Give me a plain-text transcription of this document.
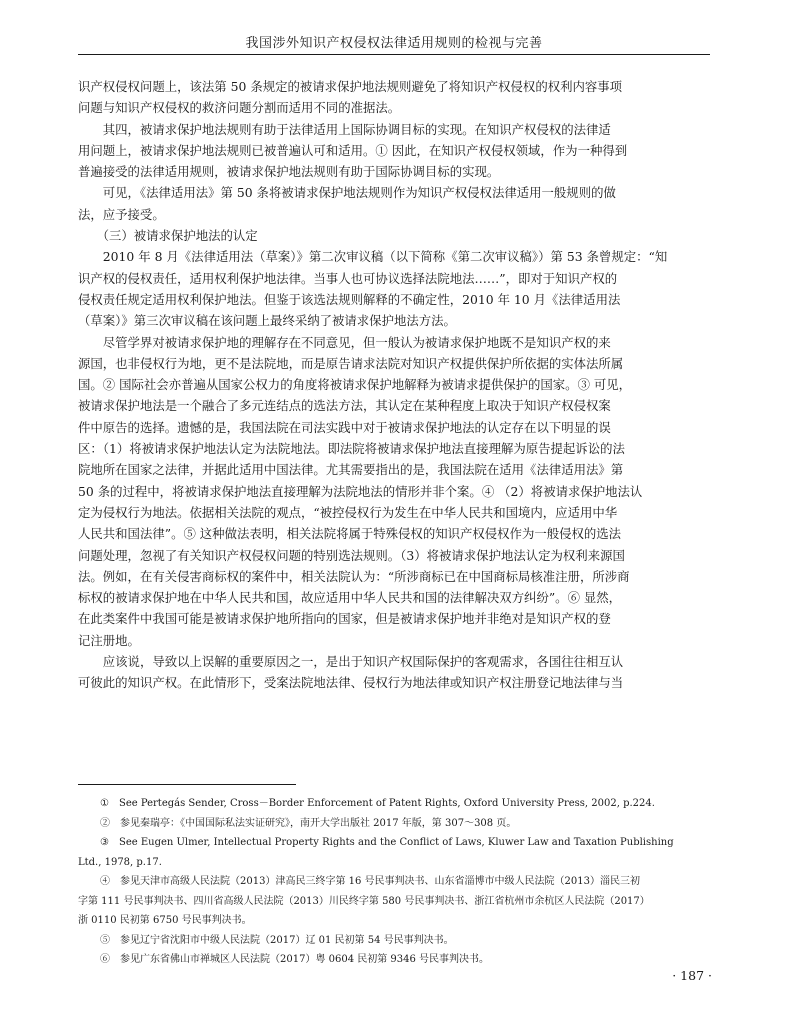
我国涉外知识产权侵权法律适用规则的检视与完善
识产权侵权问题上，该法第 50 条规定的被请求保护地法规则避免了将知识产权侵权的权利内容事项
问题与知识产权侵权的救济问题分割而适用不同的准据法。
　　其四，被请求保护地法规则有助于法律适用上国际协调目标的实现。在知识产权侵权的法律适
用问题上，被请求保护地法规则已被普遍认可和适用。① 因此，在知识产权侵权领域，作为一种得到
普遍接受的法律适用规则，被请求保护地法规则有助于国际协调目标的实现。
　　可见，《法律适用法》第 50 条将被请求保护地法规则作为知识产权侵权法律适用一般规则的做
法，应予接受。
　　（三）被请求保护地法的认定
　　2010 年 8 月《法律适用法（草案）》第二次审议稿（以下简称《第二次审议稿》）第 53 条曾规定：“知
识产权的侵权责任，适用权利保护地法律。当事人也可协议选择法院地法……”，即对于知识产权的
侵权责任规定适用权利保护地法。但鉴于该选法规则解释的不确定性，2010 年 10 月《法律适用法
（草案）》第三次审议稿在该问题上最终采纳了被请求保护地法方法。
　　尽管学界对被请求保护地的理解存在不同意见，但一般认为被请求保护地既不是知识产权的来
源国，也非侵权行为地，更不是法院地，而是原告请求法院对知识产权提供保护所依据的实体法所属
国。② 国际社会亦普遍从国家公权力的角度将被请求保护地解释为被请求提供保护的国家。③ 可见，
被请求保护地法是一个融合了多元连结点的选法方法，其认定在某种程度上取决于知识产权侵权案
件中原告的选择。遗憾的是，我国法院在司法实践中对于被请求保护地法的认定存在以下明显的误
区：（1）将被请求保护地法认定为法院地法。即法院将被请求保护地法直接理解为原告提起诉讼的法
院地所在国家之法律，并据此适用中国法律。尤其需要指出的是，我国法院在适用《法律适用法》第
50 条的过程中，将被请求保护地法直接理解为法院地法的情形并非个案。④ （2）将被请求保护地法认
定为侵权行为地法。依据相关法院的观点，“被控侵权行为发生在中华人民共和国境内，应适用中华
人民共和国法律”。⑤ 这种做法表明，相关法院将属于特殊侵权的知识产权侵权作为一般侵权的选法
问题处理，忽视了有关知识产权侵权问题的特别选法规则。（3）将被请求保护地法认定为权利来源国
法。例如，在有关侵害商标权的案件中，相关法院认为：“所涉商标已在中国商标局核准注册，所涉商
标权的被请求保护地在中华人民共和国，故应适用中华人民共和国的法律解决双方纠纷”。⑥ 显然，
在此类案件中我国可能是被请求保护地所指向的国家，但是被请求保护地并非绝对是知识产权的登
记注册地。
　　应该说，导致以上误解的重要原因之一，是出于知识产权国际保护的客观需求，各国往往相互认
可彼此的知识产权。在此情形下，受案法院地法律、侵权行为地法律或知识产权注册登记地法律与当
①　See Pertegás Sender, Cross－Border Enforcement of Patent Rights, Oxford University Press, 2002, p.224.
②　参见秦瑞亭：《中国国际私法实证研究》，南开大学出版社 2017 年版，第 307～308 页。
③　See Eugen Ulmer, Intellectual Property Rights and the Conflict of Laws, Kluwer Law and Taxation Publishing
Ltd., 1978, p.17.
④　参见天津市高级人民法院（2013）津高民三终字第 16 号民事判决书、山东省淄博市中级人民法院（2013）淄民三初
字第 111 号民事判决书、四川省高级人民法院（2013）川民终字第 580 号民事判决书、浙江省杭州市余杭区人民法院（2017）
浙 0110 民初第 6750 号民事判决书。
⑤　参见辽宁省沈阳市中级人民法院（2017）辽 01 民初第 54 号民事判决书。
⑥　参见广东省佛山市禅城区人民法院（2017）粤 0604 民初第 9346 号民事判决书。
· 187 ·
